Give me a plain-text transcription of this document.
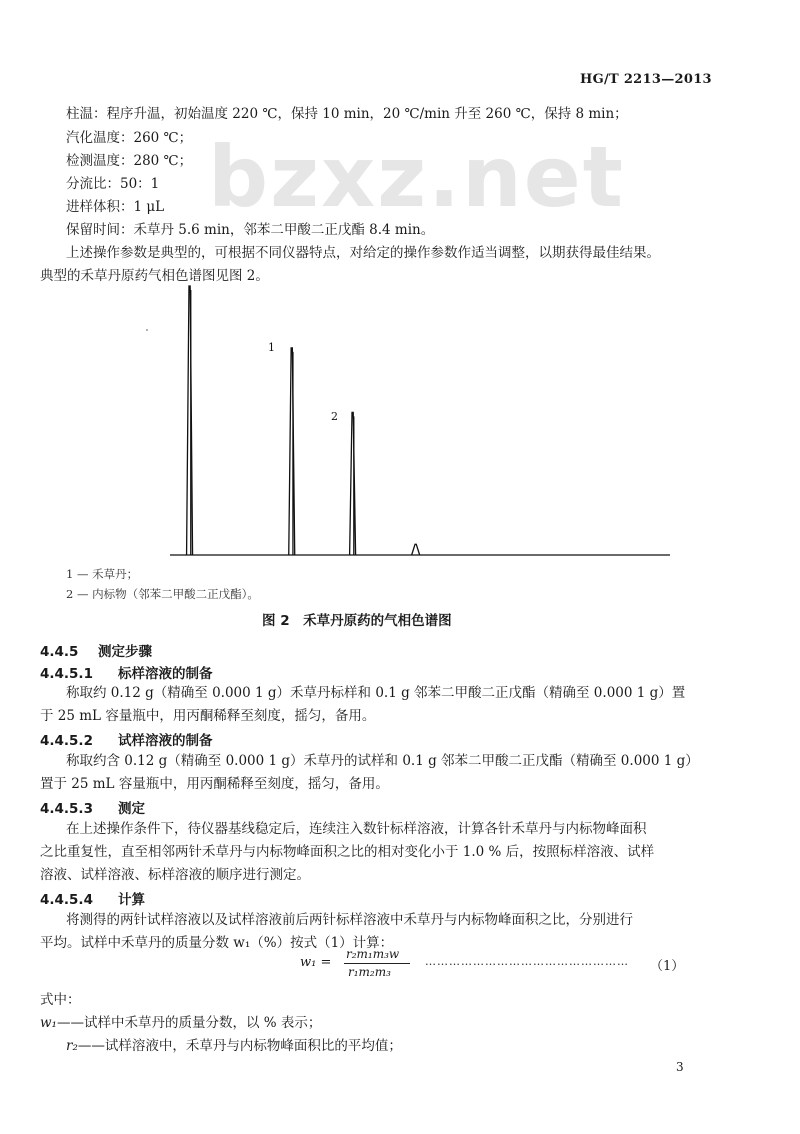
HG/T 2213—2013
bzxz.net
柱温：程序升温，初始温度 220 ℃，保持 10 min，20 ℃/min 升至 260 ℃，保持 8 min；
汽化温度：260 ℃；
检测温度：280 ℃；
分流比：50：1
进样体积：1 μL
保留时间：禾草丹 5.6 min，邻苯二甲酸二正戊酯 8.4 min。
上述操作参数是典型的，可根据不同仪器特点，对给定的操作参数作适当调整，以期获得最佳结果。
典型的禾草丹原药气相色谱图见图 2。
1
2
1 — 禾草丹；
2 — 内标物（邻苯二甲酸二正戊酯）。
图 2　禾草丹原药的气相色谱图
4.4.5 测定步骤
4.4.5.1 标样溶液的制备
称取约 0.12 g（精确至 0.000 1 g）禾草丹标样和 0.1 g 邻苯二甲酸二正戊酯（精确至 0.000 1 g）置
于 25 mL 容量瓶中，用丙酮稀释至刻度，摇匀，备用。
4.4.5.2 试样溶液的制备
称取约含 0.12 g（精确至 0.000 1 g）禾草丹的试样和 0.1 g 邻苯二甲酸二正戊酯（精确至 0.000 1 g）
置于 25 mL 容量瓶中，用丙酮稀释至刻度，摇匀，备用。
4.4.5.3 测定
在上述操作条件下，待仪器基线稳定后，连续注入数针标样溶液，计算各针禾草丹与内标物峰面积
之比重复性，直至相邻两针禾草丹与内标物峰面积之比的相对变化小于 1.0 % 后，按照标样溶液、试样
溶液、试样溶液、标样溶液的顺序进行测定。
4.4.5.4 计算
将测得的两针试样溶液以及试样溶液前后两针标样溶液中禾草丹与内标物峰面积之比，分别进行
平均。试样中禾草丹的质量分数 w₁（%）按式（1）计算：
w₁ =
r₂m₁m₃w
r₁m₂m₃
…………………………………………… （1）
式中：
w₁——试样中禾草丹的质量分数，以 % 表示；
r₂——试样溶液中，禾草丹与内标物峰面积比的平均值；
3
